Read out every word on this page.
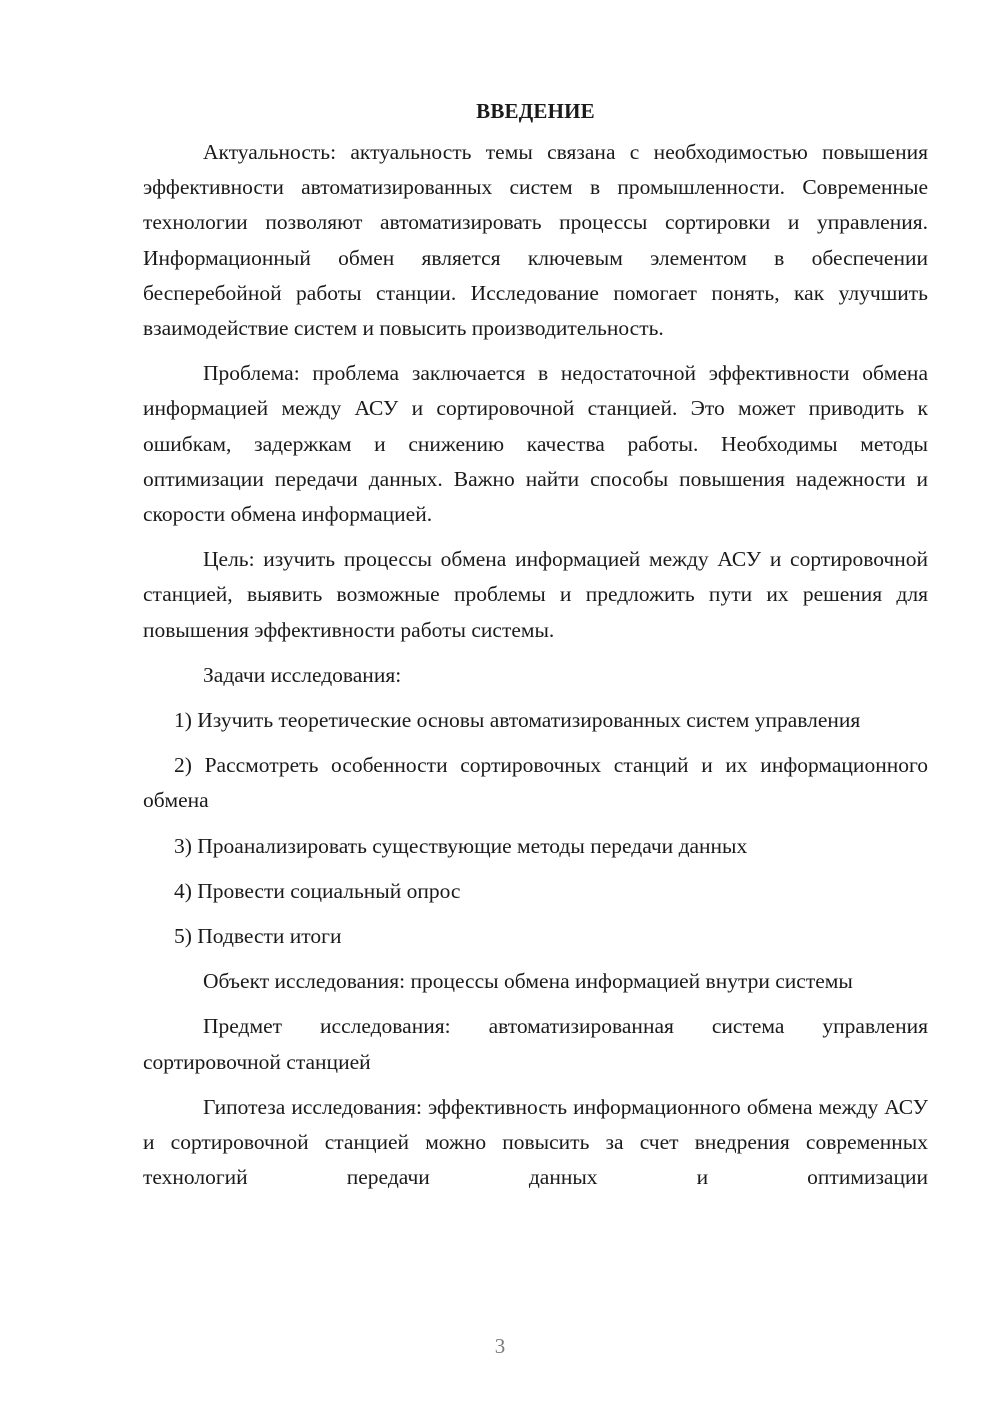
ВВЕДЕНИЕ

Актуальность: актуальность темы связана с необходимостью повышения эффективности автоматизированных систем в промышленности. Современные технологии позволяют автоматизировать процессы сортировки и управления. Информационный обмен является ключевым элементом в обеспечении бесперебойной работы станции. Исследование помогает понять, как улучшить взаимодействие систем и повысить производительность.

Проблема: проблема заключается в недостаточной эффективности обмена информацией между АСУ и сортировочной станцией. Это может приводить к ошибкам, задержкам и снижению качества работы. Необходимы методы оптимизации передачи данных. Важно найти способы повышения надежности и скорости обмена информацией.

Цель: изучить процессы обмена информацией между АСУ и сортировочной станцией, выявить возможные проблемы и предложить пути их решения для повышения эффективности работы системы.

Задачи исследования:

1) Изучить теоретические основы автоматизированных систем управления

2) Рассмотреть особенности сортировочных станций и их информационного обмена

3) Проанализировать существующие методы передачи данных

4) Провести социальный опрос

5) Подвести итоги

Объект исследования: процессы обмена информацией внутри системы

Предмет исследования: автоматизированная система управления сортировочной станцией

Гипотеза исследования: эффективность информационного обмена между АСУ и сортировочной станцией можно повысить за счет внедрения современных технологий передачи данных и оптимизации

3
